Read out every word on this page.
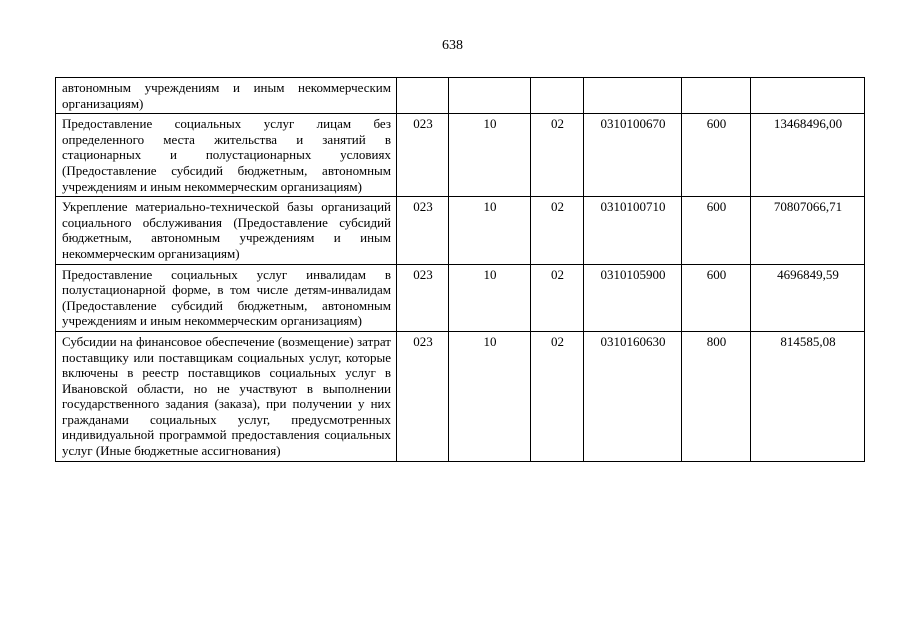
638
автономным учреждениям и иным некоммерческим организациям)						
Предоставление социальных услуг лицам без определенного места жительства и занятий в стационарных и полустационарных условиях (Предоставление субсидий бюджетным, автономным учреждениям и иным некоммерческим организациям)	023	10	02	0310100670	600	13468496,00
Укрепление материально-технической базы организаций социального обслуживания (Предоставление субсидий бюджетным, автономным учреждениям и иным некоммерческим организациям)	023	10	02	0310100710	600	70807066,71
Предоставление социальных услуг инвалидам в полустационарной форме, в том числе детям-инвалидам (Предоставление субсидий бюджетным, автономным учреждениям и иным некоммерческим организациям)	023	10	02	0310105900	600	4696849,59
Субсидии на финансовое обеспечение (возмещение) затрат поставщику или поставщикам социальных услуг, которые включены в реестр поставщиков социальных услуг в Ивановской области, но не участвуют в выполнении государственного задания (заказа), при получении у них гражданами социальных услуг, предусмотренных индивидуальной программой предоставления социальных услуг (Иные бюджетные ассигнования)	023	10	02	0310160630	800	814585,08
